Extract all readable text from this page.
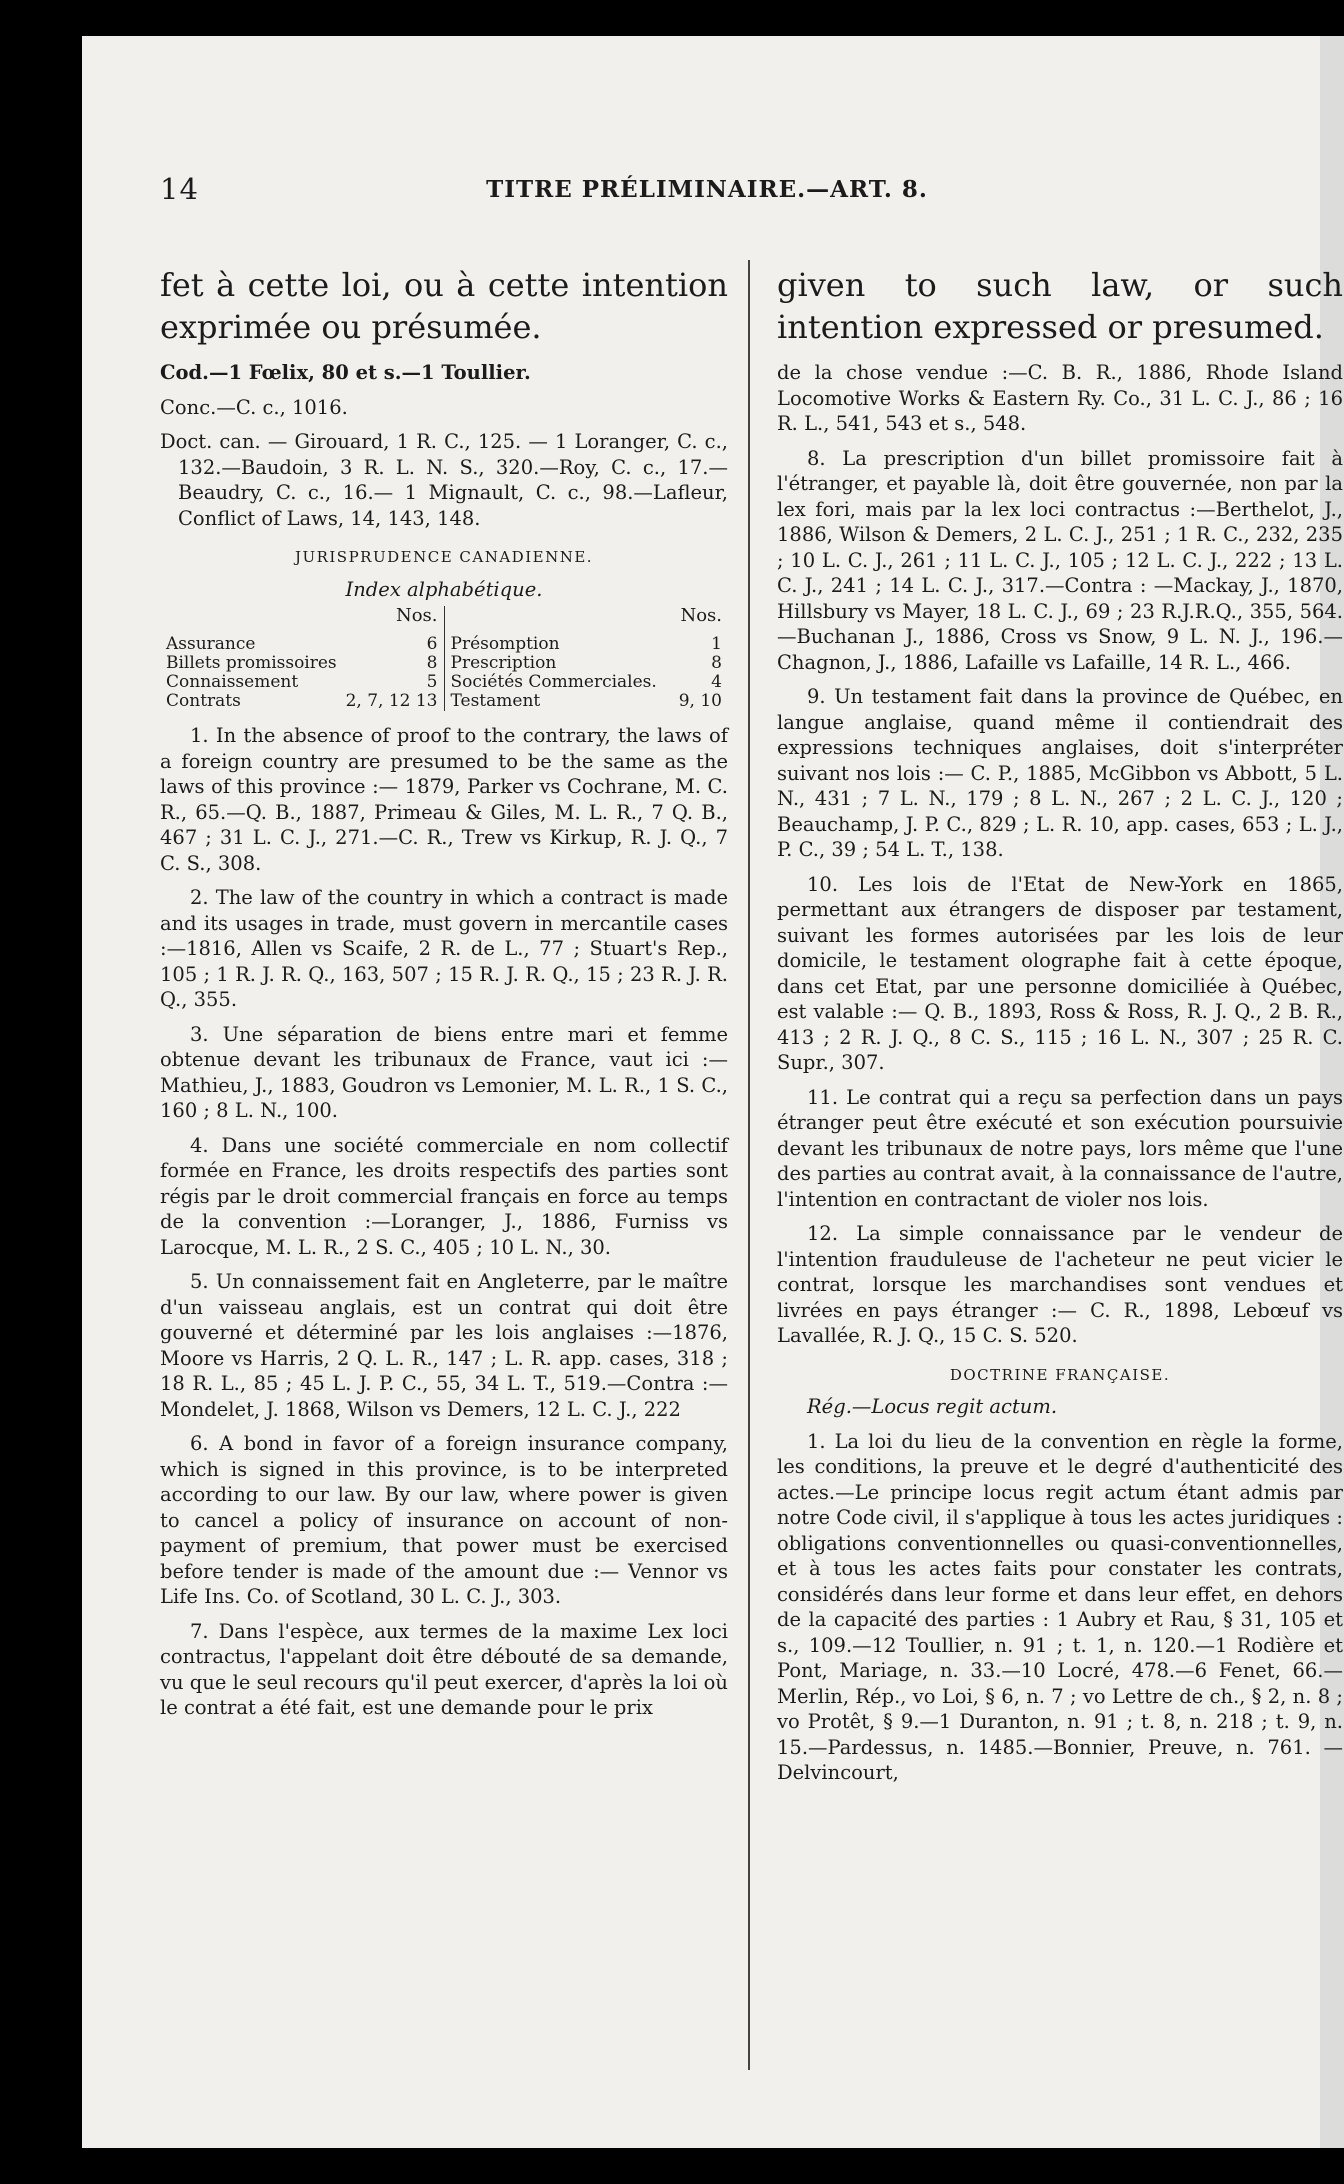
14	TITRE PRÉLIMINAIRE.—ART. 8.

fet à cette loi, ou à cette intention exprimée ou présumée.

Cod.—1 Fœlix, 80 et s.—1 Toullier.

Conc.—C. c., 1016.

Doct. can. — Girouard, 1 R. C., 125. — 1 Loranger, C. c., 132.—Baudoin, 3 R. L. N. S., 320.—Roy, C. c., 17.—Beaudry, C. c., 16.— 1 Mignault, C. c., 98.—Lafleur, Conflict of Laws, 14, 143, 148.

JURISPRUDENCE CANADIENNE.
Index alphabétique.
Nos.
Assurance	6
Billets promissoires	8
Connaissement	5
Contrats	2, 7, 12 13
Nos.
Présomption	1
Prescription	8
Sociétés Commerciales.	4
Testament	9, 10

1. In the absence of proof to the contrary, the laws of a foreign country are presumed to be the same as the laws of this province :— 1879, Parker vs Cochrane, M. C. R., 65.—Q. B., 1887, Primeau & Giles, M. L. R., 7 Q. B., 467 ; 31 L. C. J., 271.—C. R., Trew vs Kirkup, R. J. Q., 7 C. S., 308.

2. The law of the country in which a contract is made and its usages in trade, must govern in mercantile cases :—1816, Allen vs Scaife, 2 R. de L., 77 ; Stuart's Rep., 105 ; 1 R. J. R. Q., 163, 507 ; 15 R. J. R. Q., 15 ; 23 R. J. R. Q., 355.

3. Une séparation de biens entre mari et femme obtenue devant les tribunaux de France, vaut ici :—Mathieu, J., 1883, Goudron vs Lemonier, M. L. R., 1 S. C., 160 ; 8 L. N., 100.

4. Dans une société commerciale en nom collectif formée en France, les droits respectifs des parties sont régis par le droit commercial français en force au temps de la convention :—Loranger, J., 1886, Furniss vs Larocque, M. L. R., 2 S. C., 405 ; 10 L. N., 30.

5. Un connaissement fait en Angleterre, par le maître d'un vaisseau anglais, est un contrat qui doit être gouverné et déterminé par les lois anglaises :—1876, Moore vs Harris, 2 Q. L. R., 147 ; L. R. app. cases, 318 ; 18 R. L., 85 ; 45 L. J. P. C., 55, 34 L. T., 519.—Contra :—Mondelet, J. 1868, Wilson vs Demers, 12 L. C. J., 222

6. A bond in favor of a foreign insurance company, which is signed in this province, is to be interpreted according to our law. By our law, where power is given to cancel a policy of insurance on account of non-payment of premium, that power must be exercised before tender is made of the amount due :— Vennor vs Life Ins. Co. of Scotland, 30 L. C. J., 303.

7. Dans l'espèce, aux termes de la maxime Lex loci contractus, l'appelant doit être débouté de sa demande, vu que le seul recours qu'il peut exercer, d'après la loi où le contrat a été fait, est une demande pour le prix

given to such law, or such intention expressed or presumed.

de la chose vendue :—C. B. R., 1886, Rhode Island Locomotive Works & Eastern Ry. Co., 31 L. C. J., 86 ; 16 R. L., 541, 543 et s., 548.

8. La prescription d'un billet promissoire fait à l'étranger, et payable là, doit être gouvernée, non par la lex fori, mais par la lex loci contractus :—Berthelot, J., 1886, Wilson & Demers, 2 L. C. J., 251 ; 1 R. C., 232, 235 ; 10 L. C. J., 261 ; 11 L. C. J., 105 ; 12 L. C. J., 222 ; 13 L. C. J., 241 ; 14 L. C. J., 317.—Contra : —Mackay, J., 1870, Hillsbury vs Mayer, 18 L. C. J., 69 ; 23 R.J.R.Q., 355, 564.—Buchanan J., 1886, Cross vs Snow, 9 L. N. J., 196.— Chagnon, J., 1886, Lafaille vs Lafaille, 14 R. L., 466.

9. Un testament fait dans la province de Québec, en langue anglaise, quand même il contiendrait des expressions techniques anglaises, doit s'interpréter suivant nos lois :— C. P., 1885, McGibbon vs Abbott, 5 L. N., 431 ; 7 L. N., 179 ; 8 L. N., 267 ; 2 L. C. J., 120 ; Beauchamp, J. P. C., 829 ; L. R. 10, app. cases, 653 ; L. J., P. C., 39 ; 54 L. T., 138.

10. Les lois de l'Etat de New-York en 1865, permettant aux étrangers de disposer par testament, suivant les formes autorisées par les lois de leur domicile, le testament olographe fait à cette époque, dans cet Etat, par une personne domiciliée à Québec, est valable :— Q. B., 1893, Ross & Ross, R. J. Q., 2 B. R., 413 ; 2 R. J. Q., 8 C. S., 115 ; 16 L. N., 307 ; 25 R. C. Supr., 307.

11. Le contrat qui a reçu sa perfection dans un pays étranger peut être exécuté et son exécution poursuivie devant les tribunaux de notre pays, lors même que l'une des parties au contrat avait, à la connaissance de l'autre, l'intention en contractant de violer nos lois.

12. La simple connaissance par le vendeur de l'intention frauduleuse de l'acheteur ne peut vicier le contrat, lorsque les marchandises sont vendues et livrées en pays étranger :— C. R., 1898, Lebœuf vs Lavallée, R. J. Q., 15 C. S. 520.

DOCTRINE FRANÇAISE.

Rég.—Locus regit actum.

1. La loi du lieu de la convention en règle la forme, les conditions, la preuve et le degré d'authenticité des actes.—Le principe locus regit actum étant admis par notre Code civil, il s'applique à tous les actes juridiques : obligations conventionnelles ou quasi-conventionnelles, et à tous les actes faits pour constater les contrats, considérés dans leur forme et dans leur effet, en dehors de la capacité des parties : 1 Aubry et Rau, § 31, 105 et s., 109.—12 Toullier, n. 91 ; t. 1, n. 120.—1 Rodière et Pont, Mariage, n. 33.—10 Locré, 478.—6 Fenet, 66.— Merlin, Rép., vo Loi, § 6, n. 7 ; vo Lettre de ch., § 2, n. 8 ; vo Protêt, § 9.—1 Duranton, n. 91 ; t. 8, n. 218 ; t. 9, n. 15.—Pardessus, n. 1485.—Bonnier, Preuve, n. 761. —Delvincourt,
